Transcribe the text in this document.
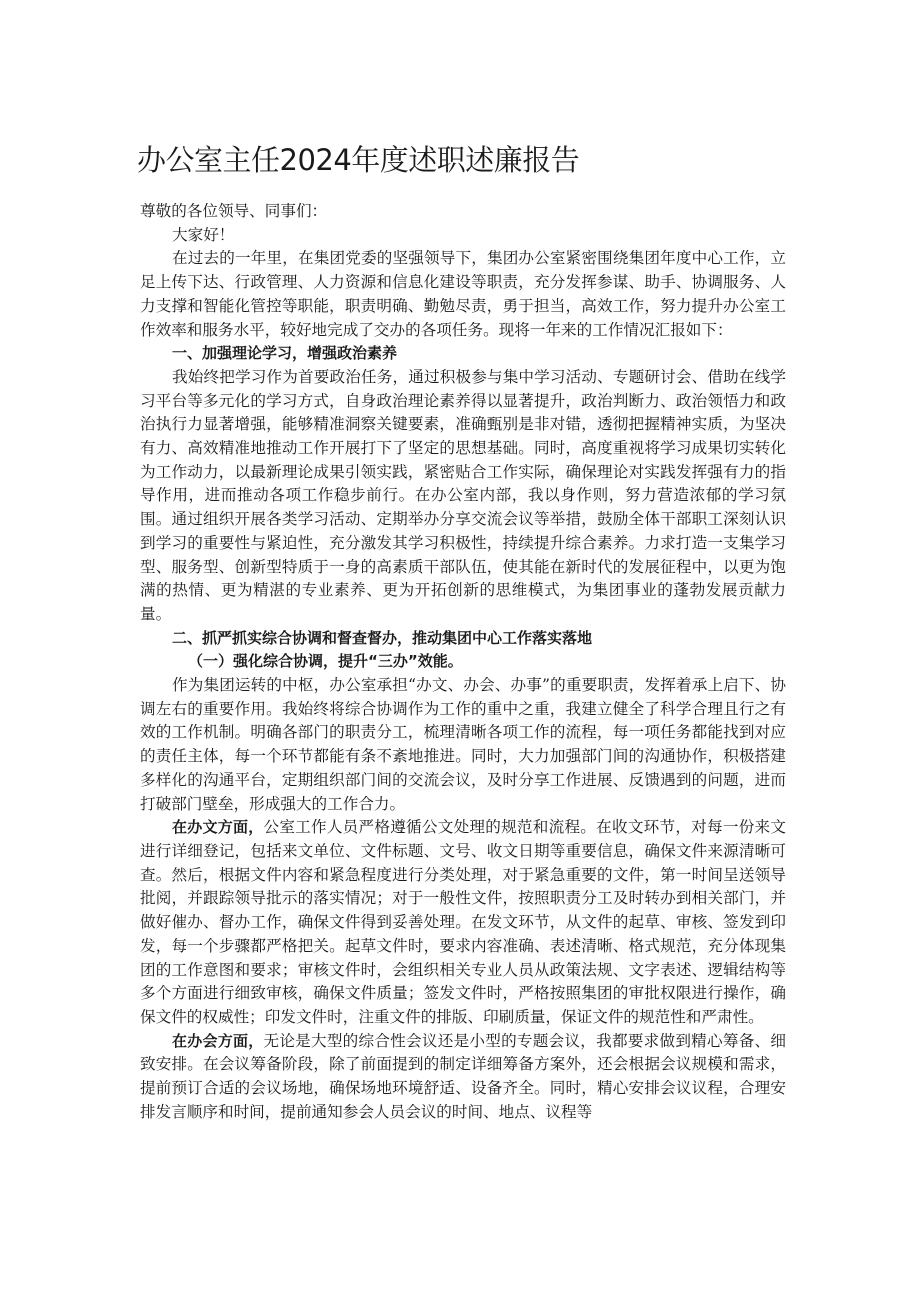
办公室主任2024年度述职述廉报告

尊敬的各位领导、同事们：

大家好！

在过去的一年里，在集团党委的坚强领导下，集团办公室紧密围绕集团年度中心工作，立足上传下达、行政管理、人力资源和信息化建设等职责，充分发挥参谋、助手、协调服务、人力支撑和智能化管控等职能，职责明确、勤勉尽责，勇于担当，高效工作，努力提升办公室工作效率和服务水平，较好地完成了交办的各项任务。现将一年来的工作情况汇报如下：

一、加强理论学习，增强政治素养

我始终把学习作为首要政治任务，通过积极参与集中学习活动、专题研讨会、借助在线学习平台等多元化的学习方式，自身政治理论素养得以显著提升，政治判断力、政治领悟力和政治执行力显著增强，能够精准洞察关键要素，准确甄别是非对错，透彻把握精神实质，为坚决有力、高效精准地推动工作开展打下了坚定的思想基础。同时，高度重视将学习成果切实转化为工作动力，以最新理论成果引领实践，紧密贴合工作实际，确保理论对实践发挥强有力的指导作用，进而推动各项工作稳步前行。在办公室内部，我以身作则，努力营造浓郁的学习氛围。通过组织开展各类学习活动、定期举办分享交流会议等举措，鼓励全体干部职工深刻认识到学习的重要性与紧迫性，充分激发其学习积极性，持续提升综合素养。力求打造一支集学习型、服务型、创新型特质于一身的高素质干部队伍，使其能在新时代的发展征程中，以更为饱满的热情、更为精湛的专业素养、更为开拓创新的思维模式，为集团事业的蓬勃发展贡献力量。

二、抓严抓实综合协调和督查督办，推动集团中心工作落实落地

（一）强化综合协调，提升“三办”效能。

作为集团运转的中枢，办公室承担“办文、办会、办事”的重要职责，发挥着承上启下、协调左右的重要作用。我始终将综合协调作为工作的重中之重，我建立健全了科学合理且行之有效的工作机制。明确各部门的职责分工，梳理清晰各项工作的流程，每一项任务都能找到对应的责任主体，每一个环节都能有条不紊地推进。同时，大力加强部门间的沟通协作，积极搭建多样化的沟通平台，定期组织部门间的交流会议，及时分享工作进展、反馈遇到的问题，进而打破部门壁垒，形成强大的工作合力。

在办文方面，公室工作人员严格遵循公文处理的规范和流程。在收文环节，对每一份来文进行详细登记，包括来文单位、文件标题、文号、收文日期等重要信息，确保文件来源清晰可查。然后，根据文件内容和紧急程度进行分类处理，对于紧急重要的文件，第一时间呈送领导批阅，并跟踪领导批示的落实情况；对于一般性文件，按照职责分工及时转办到相关部门，并做好催办、督办工作，确保文件得到妥善处理。在发文环节，从文件的起草、审核、签发到印发，每一个步骤都严格把关。起草文件时，要求内容准确、表述清晰、格式规范，充分体现集团的工作意图和要求；审核文件时，会组织相关专业人员从政策法规、文字表述、逻辑结构等多个方面进行细致审核，确保文件质量；签发文件时，严格按照集团的审批权限进行操作，确保文件的权威性；印发文件时，注重文件的排版、印刷质量，保证文件的规范性和严肃性。

在办会方面，无论是大型的综合性会议还是小型的专题会议，我都要求做到精心筹备、细致安排。在会议筹备阶段，除了前面提到的制定详细筹备方案外，还会根据会议规模和需求，提前预订合适的会议场地，确保场地环境舒适、设备齐全。同时，精心安排会议议程，合理安排发言顺序和时间，提前通知参会人员会议的时间、地点、议程等
